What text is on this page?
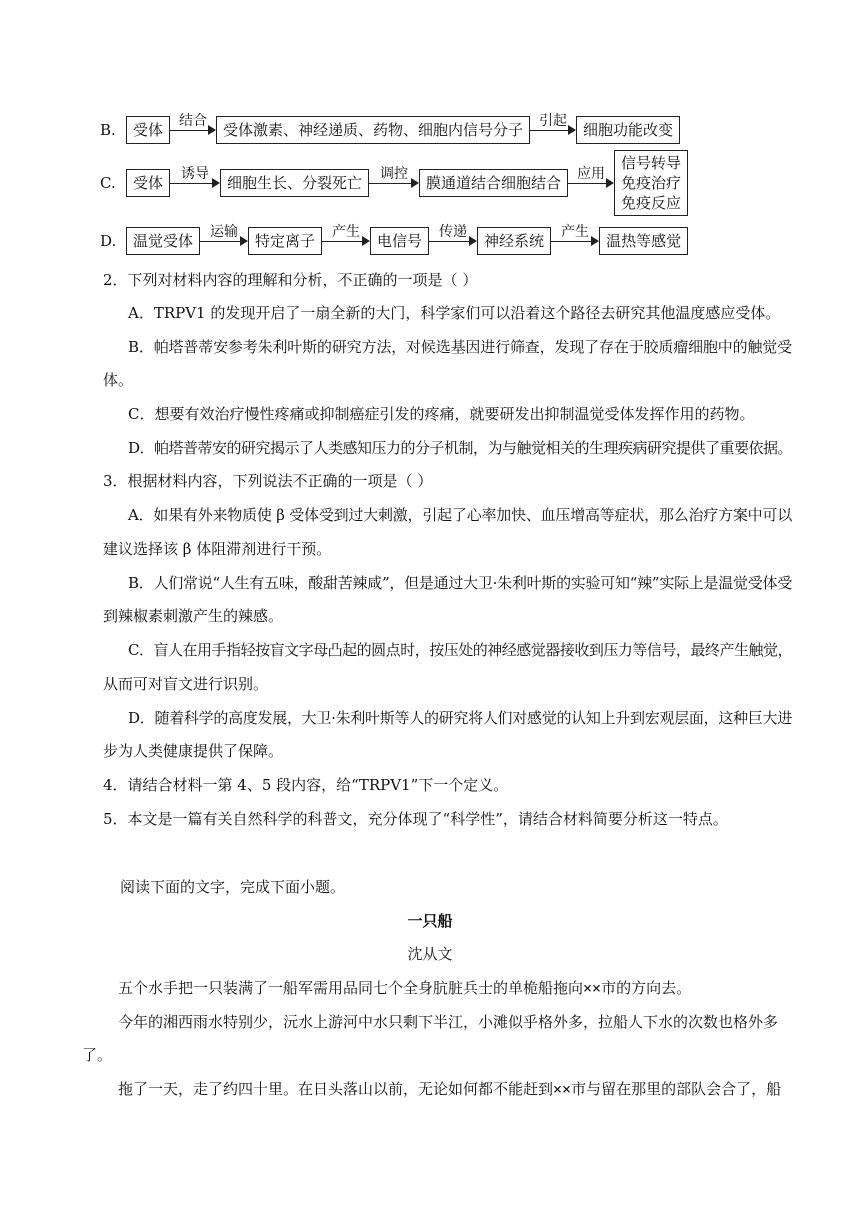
B.	受体	结合	受体激素、神经递质、药物、细胞内信号分子	引起	细胞功能改变
C.	受体	诱导	细胞生长、分裂死亡	调控	膜通道结合细胞结合	应用
信号转导
免疫治疗
免疫反应
D.	温觉受体	运输	特定离子	产生	电信号	传递	神经系统	产生	温热等感觉
2．下列对材料内容的理解和分析，不正确的一项是（ ）
A．TRPV1 的发现开启了一扇全新的大门，科学家们可以沿着这个路径去研究其他温度感应受体。
B．帕塔普蒂安参考朱利叶斯的研究方法，对候选基因进行筛查，发现了存在于胶质瘤细胞中的触觉受
体。
C．想要有效治疗慢性疼痛或抑制癌症引发的疼痛，就要研发出抑制温觉受体发挥作用的药物。
D．帕塔普蒂安的研究揭示了人类感知压力的分子机制，为与触觉相关的生理疾病研究提供了重要依据。
3．根据材料内容，下列说法不正确的一项是（ ）
A．如果有外来物质使 β 受体受到过大刺激，引起了心率加快、血压增高等症状，那么治疗方案中可以
建议选择该 β 体阻滞剂进行干预。
B．人们常说“人生有五味，酸甜苦辣咸”，但是通过大卫·朱利叶斯的实验可知“辣”实际上是温觉受体受
到辣椒素刺激产生的辣感。
C．盲人在用手指轻按盲文字母凸起的圆点时，按压处的神经感觉器接收到压力等信号，最终产生触觉，
从而可对盲文进行识别。
D．随着科学的高度发展，大卫·朱利叶斯等人的研究将人们对感觉的认知上升到宏观层面，这种巨大进
步为人类健康提供了保障。
4．请结合材料一第 4、5 段内容，给“TRPV1”下一个定义。
5．本文是一篇有关自然科学的科普文，充分体现了“科学性”，请结合材料简要分析这一特点。
阅读下面的文字，完成下面小题。
一只船
沈从文
五个水手把一只装满了一船军需用品同七个全身肮脏兵士的单桅船拖向××市的方向去。
今年的湘西雨水特别少，沅水上游河中水只剩下半江，小滩似乎格外多，拉船人下水的次数也格外多
了。
拖了一天，走了约四十里。在日头落山以前，无论如何都不能赶到××市与留在那里的部队会合了，船
